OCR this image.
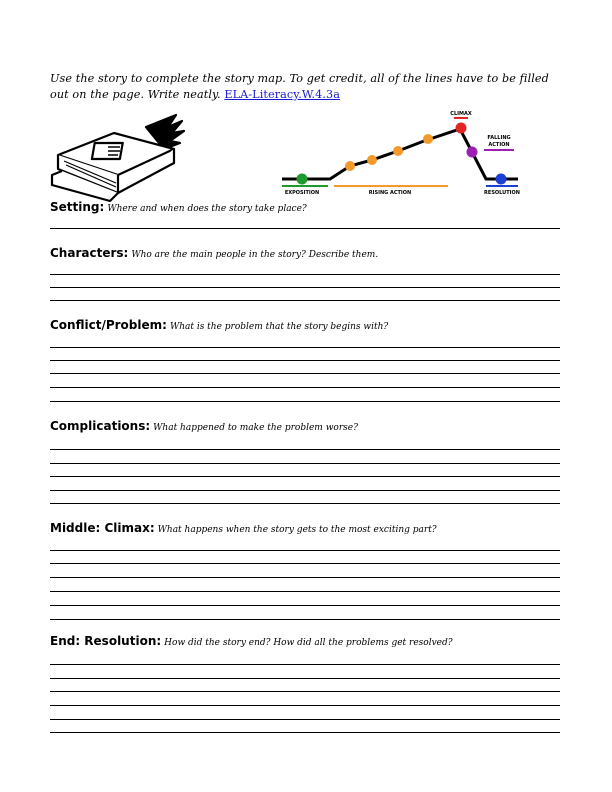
Use the story to complete the story map. To get credit, all of the lines have to be filled out on the page. Write neatly. ELA-Literacy.W.4.3a
CLIMAX
FALLING
ACTION
EXPOSITION	RISING ACTION	RESOLUTION
Setting: Where and when does the story take place?
Characters: Who are the main people in the story? Describe them.
Conflict/Problem: What is the problem that the story begins with?
Complications: What happened to make the problem worse?
Middle: Climax: What happens when the story gets to the most exciting part?
End: Resolution: How did the story end? How did all the problems get resolved?
